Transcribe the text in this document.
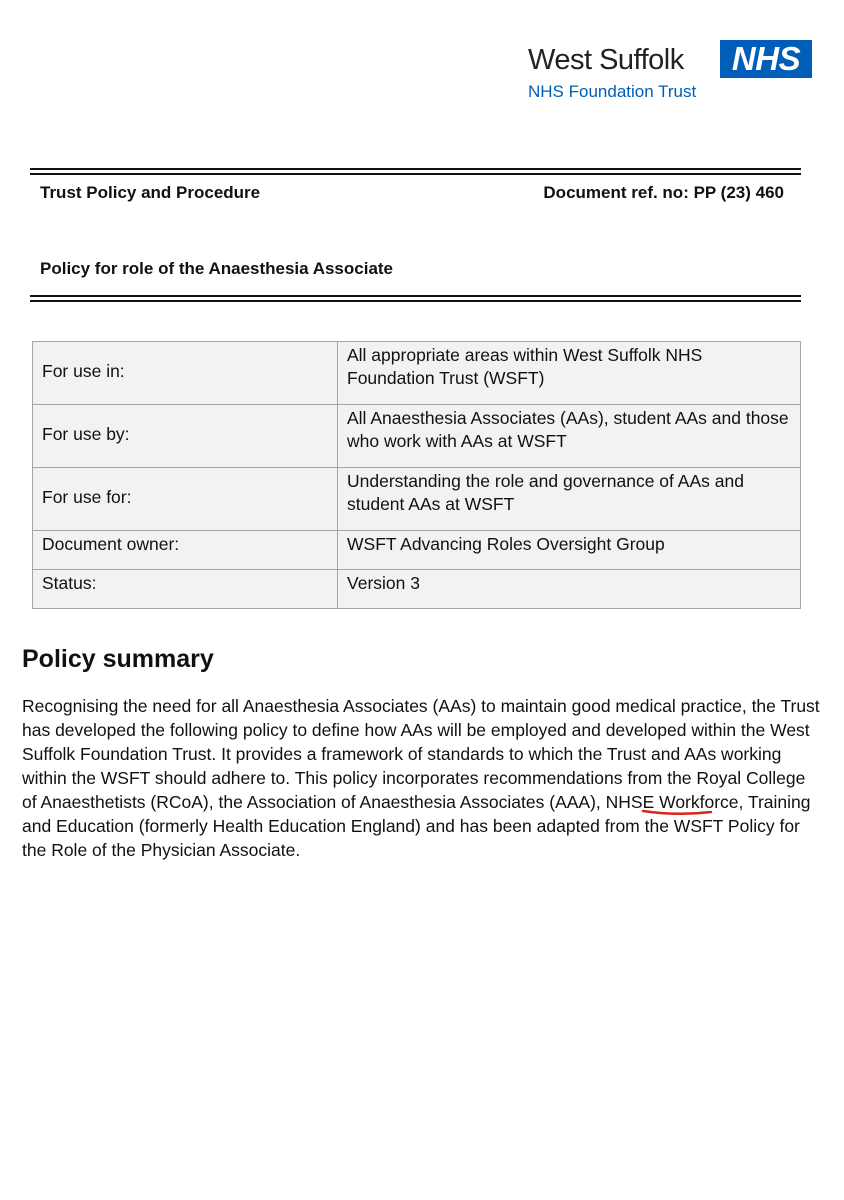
West Suffolk	NHS
NHS Foundation Trust
Trust Policy and Procedure	Document ref. no: PP (23) 460
Policy for role of the Anaesthesia Associate
For use in:	All appropriate areas within West Suffolk NHS Foundation Trust (WSFT)
For use by:	All Anaesthesia Associates (AAs), student AAs and those who work with AAs at WSFT
For use for:	Understanding the role and governance of AAs and student AAs at WSFT
Document owner:	WSFT Advancing Roles Oversight Group
Status:	Version 3
Policy summary
Recognising the need for all Anaesthesia Associates (AAs) to maintain good medical practice, the Trust has developed the following policy to define how AAs will be employed and developed within the West Suffolk Foundation Trust. It provides a framework of standards to which the Trust and AAs working within the WSFT should adhere to. This policy incorporates recommendations from the Royal College of Anaesthetists (RCoA), the Association of Anaesthesia Associates (AAA), NHSE Workforce, Training and Education (formerly Health Education England) and has been adapted from the WSFT Policy for the Role of the Physician Associate.
